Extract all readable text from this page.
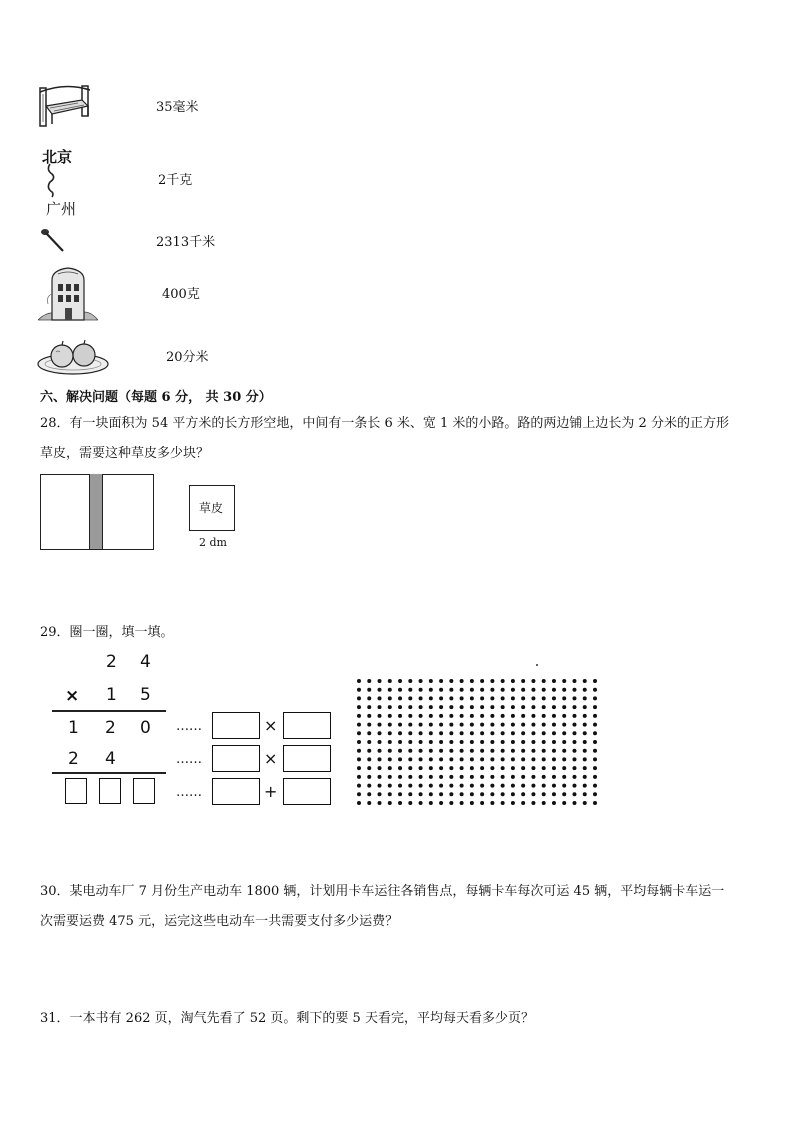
35毫米
北京
广州
2千克
2313千米
400克
20分米
六、解决问题（每题 6 分， 共 30 分）
28．有一块面积为 54 平方米的长方形空地，中间有一条长 6 米、宽 1 米的小路。路的两边铺上边长为 2 分米的正方形
草皮，需要这种草皮多少块？
草皮
2 dm
29．圈一圈，填一填。
2 4
× 1 5
1 2 0
2 4
……	×
……	×
……	+
30．某电动车厂 7 月份生产电动车 1800 辆，计划用卡车运往各销售点，每辆卡车每次可运 45 辆，平均每辆卡车运一
次需要运费 475 元，运完这些电动车一共需要支付多少运费？
31．一本书有 262 页，淘气先看了 52 页。剩下的要 5 天看完，平均每天看多少页？
